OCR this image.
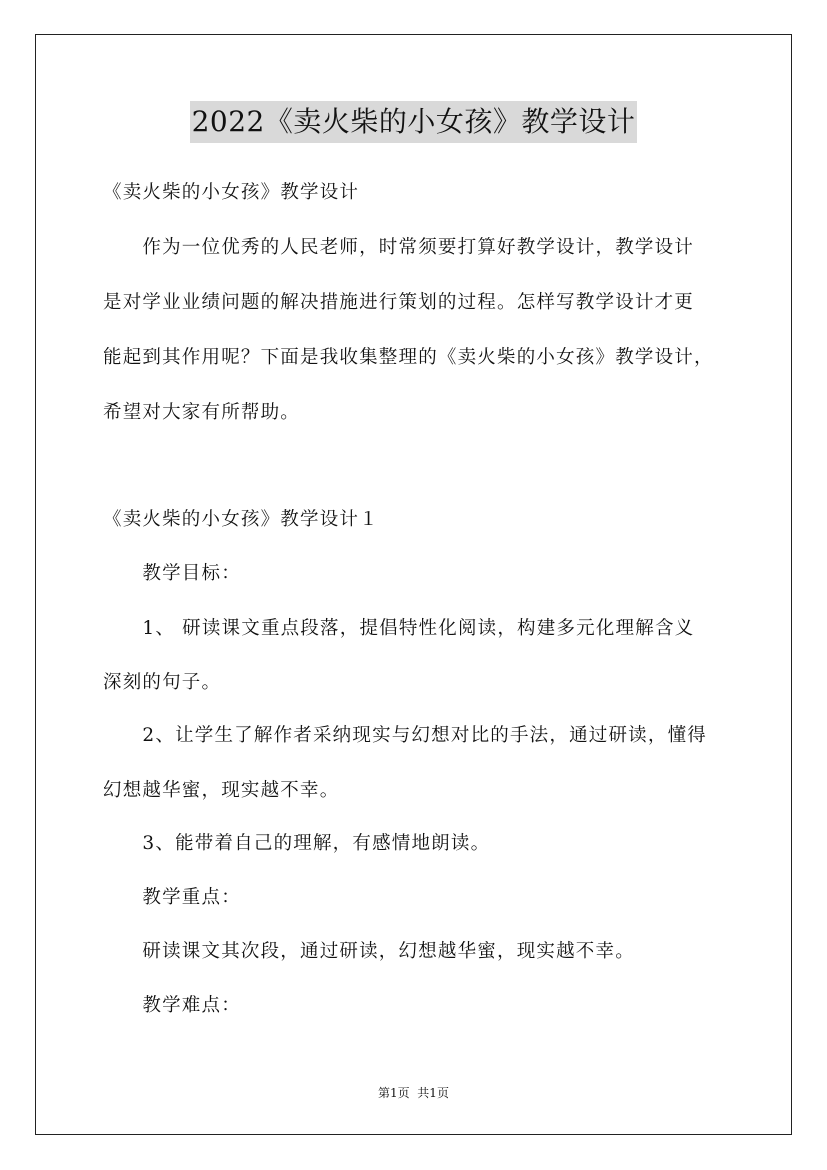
2022《卖火柴的小女孩》教学设计
《卖火柴的小女孩》教学设计
　　作为一位优秀的人民老师，时常须要打算好教学设计，教学设计
是对学业业绩问题的解决措施进行策划的过程。怎样写教学设计才更
能起到其作用呢？下面是我收集整理的《卖火柴的小女孩》教学设计，
希望对大家有所帮助。
《卖火柴的小女孩》教学设计１
　　教学目标：
　　1、 研读课文重点段落，提倡特性化阅读，构建多元化理解含义
深刻的句子。
　　2、让学生了解作者采纳现实与幻想对比的手法，通过研读，懂得
幻想越华蜜，现实越不幸。
　　3、能带着自己的理解，有感情地朗读。
　　教学重点：
　　研读课文其次段，通过研读，幻想越华蜜，现实越不幸。
　　教学难点：
第1页  共1页
